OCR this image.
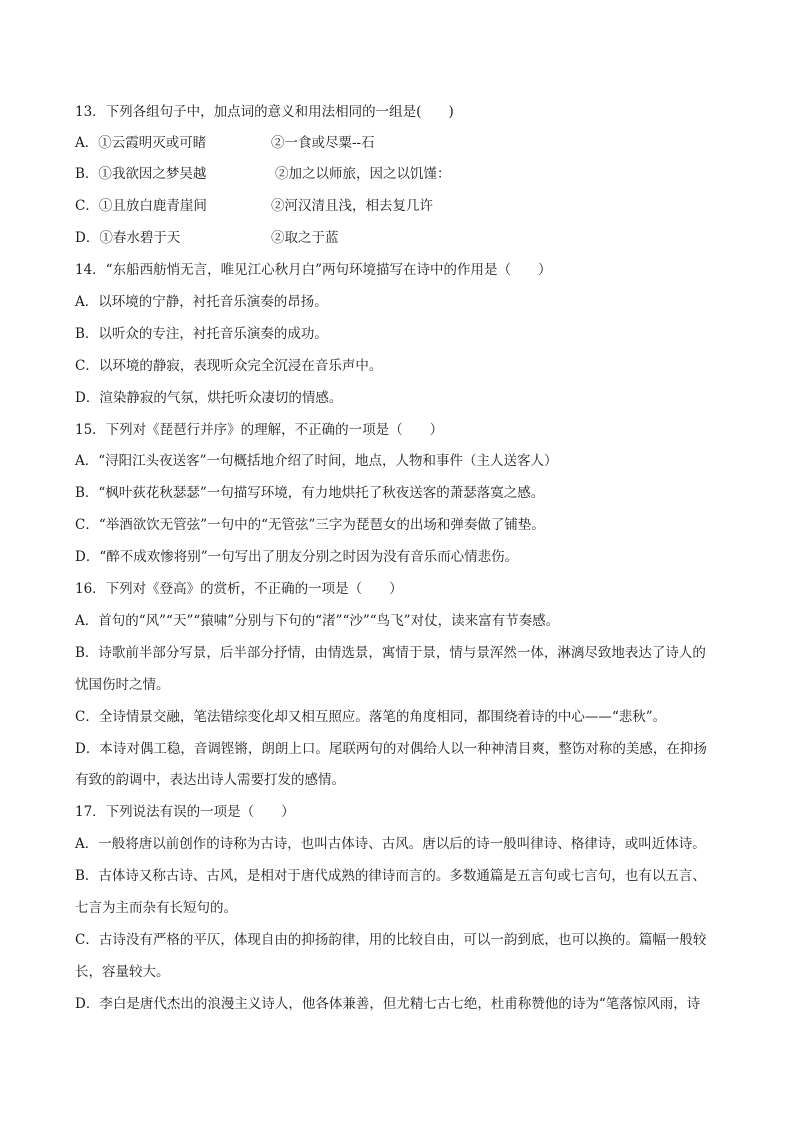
13．下列各组句子中，加点词的意义和用法相同的一组是(　　)
A．①云霞明灭或可睹	②一食或尽粟--石
B．①我欲因之梦吴越	②加之以师旅，因之以饥馑：
C．①且放白鹿青崖间	②河汉清且浅，相去复几许
D．①春水碧于天	②取之于蓝
14．“东船西舫悄无言，唯见江心秋月白”两句环境描写在诗中的作用是（　　）
A．以环境的宁静，衬托音乐演奏的昂扬。
B．以听众的专注，衬托音乐演奏的成功。
C．以环境的静寂，表现听众完全沉浸在音乐声中。
D．渲染静寂的气氛，烘托听众凄切的情感。
15．下列对《琵琶行并序》的理解，不正确的一项是（　　）
A．“浔阳江头夜送客”一句概括地介绍了时间，地点，人物和事件（主人送客人）
B．“枫叶荻花秋瑟瑟”一句描写环境，有力地烘托了秋夜送客的萧瑟落寞之感。
C．“举酒欲饮无管弦”一句中的“无管弦”三字为琵琶女的出场和弹奏做了铺垫。
D．“醉不成欢惨将别”一句写出了朋友分别之时因为没有音乐而心情悲伤。
16．下列对《登高》的赏析，不正确的一项是（　　）
A．首句的“风”“天”“猿啸”分别与下句的“渚”“沙”“鸟飞”对仗，读来富有节奏感。
B．诗歌前半部分写景，后半部分抒情，由情选景，寓情于景，情与景浑然一体，淋漓尽致地表达了诗人的
忧国伤时之情。
C．全诗情景交融，笔法错综变化却又相互照应。落笔的角度相同，都围绕着诗的中心——“悲秋”。
D．本诗对偶工稳，音调铿锵，朗朗上口。尾联两句的对偶给人以一种神清目爽，整饬对称的美感，在抑扬
有致的韵调中，表达出诗人需要打发的感情。
17．下列说法有误的一项是（　　）
A．一般将唐以前创作的诗称为古诗，也叫古体诗、古风。唐以后的诗一般叫律诗、格律诗，或叫近体诗。
B．古体诗又称古诗、古风，是相对于唐代成熟的律诗而言的。多数通篇是五言句或七言句，也有以五言、
七言为主而杂有长短句的。
C．古诗没有严格的平仄，体现自由的抑扬韵律，用的比较自由，可以一韵到底，也可以换的。篇幅一般较
长，容量较大。
D．李白是唐代杰出的浪漫主义诗人，他各体兼善，但尤精七古七绝，杜甫称赞他的诗为“笔落惊风雨，诗
